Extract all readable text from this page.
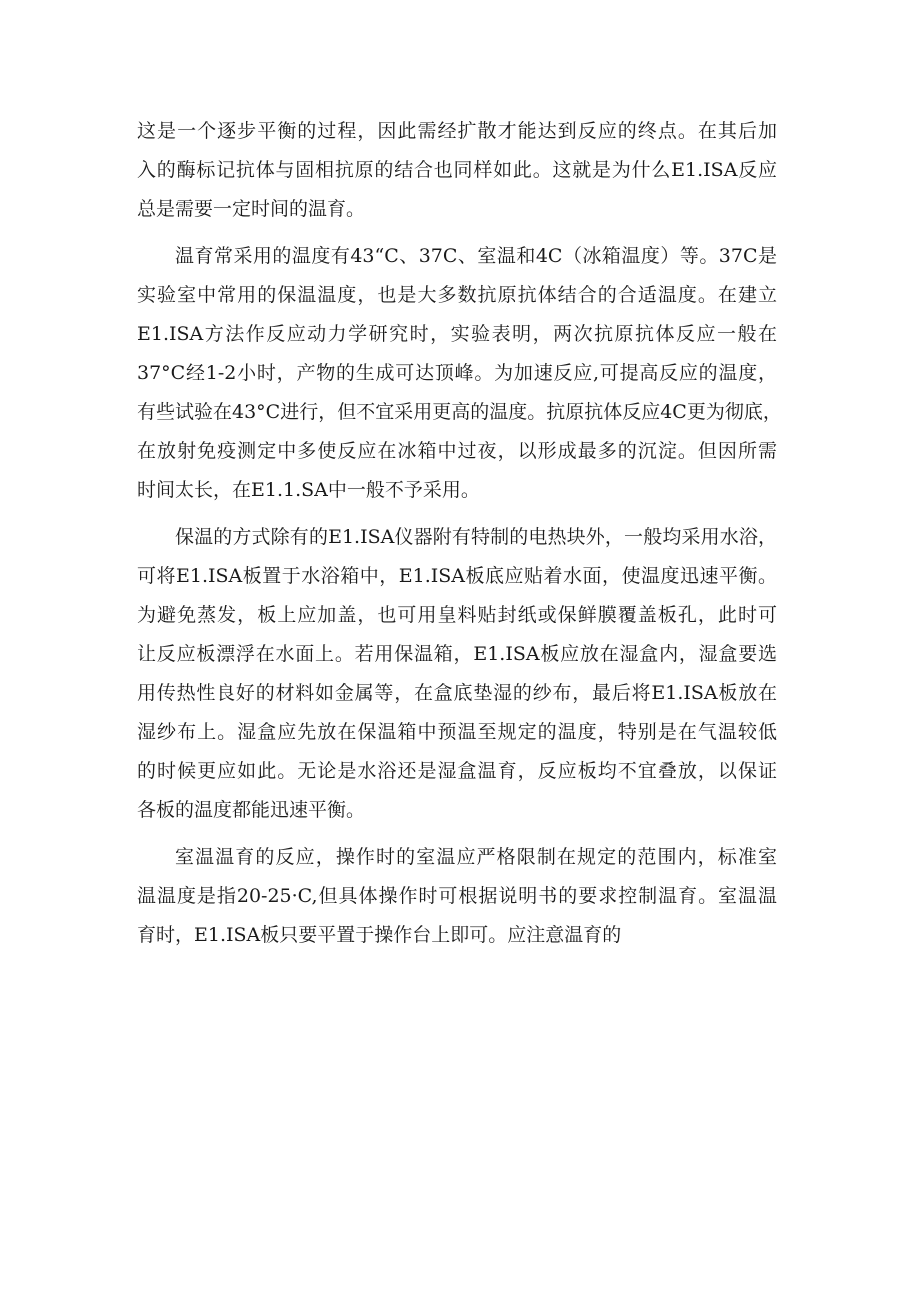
这是一个逐步平衡的过程，因此需经扩散才能达到反应的终点。在其后加
入的酶标记抗体与固相抗原的结合也同样如此。这就是为什么E1.ISA反应
总是需要一定时间的温育。

温育常采用的温度有43“C、37C、室温和4C（冰箱温度）等。37C是
实验室中常用的保温温度，也是大多数抗原抗体结合的合适温度。在建立
E1.ISA方法作反应动力学研究时，实验表明，两次抗原抗体反应一般在
37°C经1-2小时，产物的生成可达顶峰。为加速反应,可提高反应的温度，
有些试验在43°C进行，但不宜采用更高的温度。抗原抗体反应4C更为彻底，
在放射免疫测定中多使反应在冰箱中过夜，以形成最多的沉淀。但因所需
时间太长，在E1.1.SA中一般不予采用。

保温的方式除有的E1.ISA仪器附有特制的电热块外，一般均采用水浴，
可将E1.ISA板置于水浴箱中，E1.ISA板底应贴着水面，使温度迅速平衡。
为避免蒸发，板上应加盖，也可用皇料贴封纸或保鲜膜覆盖板孔，此时可
让反应板漂浮在水面上。若用保温箱，E1.ISA板应放在湿盒内，湿盒要选
用传热性良好的材料如金属等，在盒底垫湿的纱布，最后将E1.ISA板放在
湿纱布上。湿盒应先放在保温箱中预温至规定的温度，特别是在气温较低
的时候更应如此。无论是水浴还是湿盒温育，反应板均不宜叠放，以保证
各板的温度都能迅速平衡。

室温温育的反应，操作时的室温应严格限制在规定的范围内，标准室
温温度是指20-25·C,但具体操作时可根据说明书的要求控制温育。室温温
育时，E1.ISA板只要平置于操作台上即可。应注意温育的
